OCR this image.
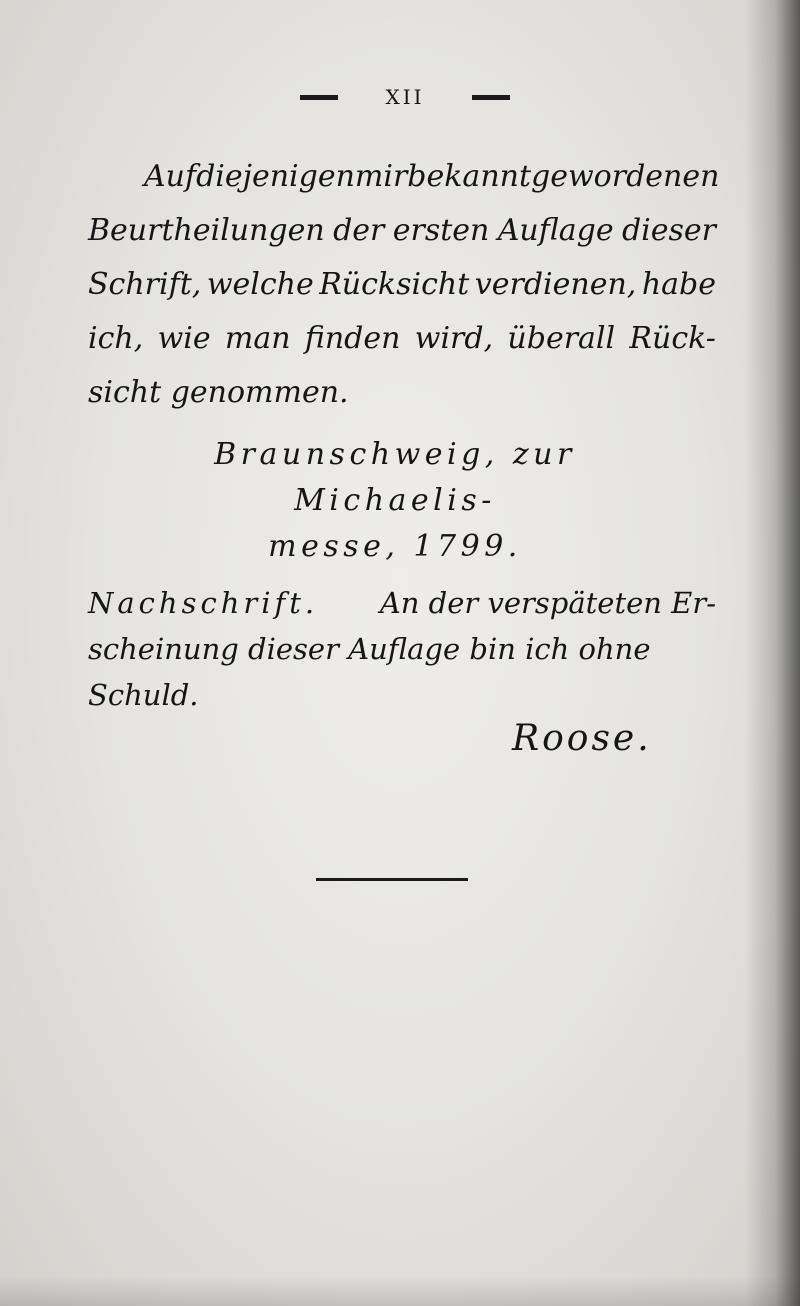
XII
Auf diejenigen mir bekannt gewordenen
Beurtheilungen der ersten Auflage dieser
Schrift, welche Rücksicht verdienen, habe
ich, wie man finden wird, überall Rück-
sicht
genommen.
Braunschweig, zur Michaelis-
messe, 1799.
Nachschrift. An der verspäteten Er-
scheinung dieser Auflage bin ich ohne Schuld.
Roose.
